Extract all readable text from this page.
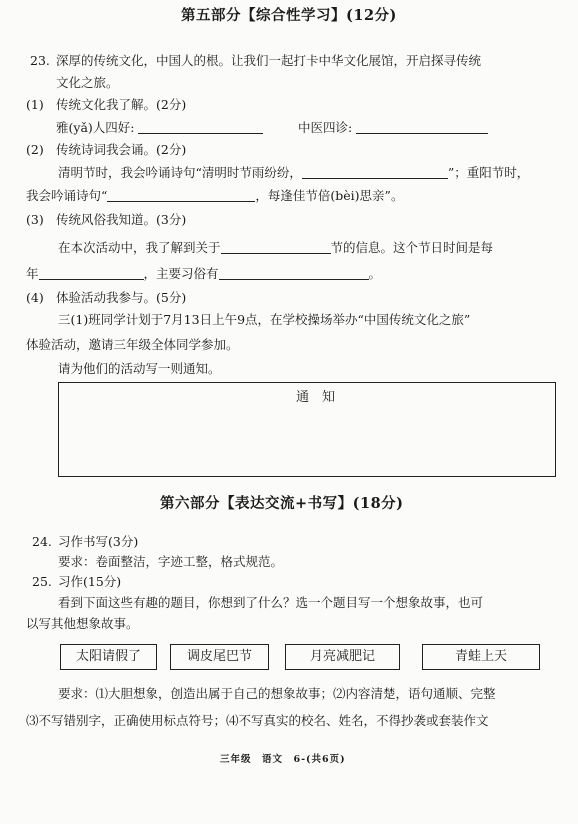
第五部分【综合性学习】(12分)
23. 深厚的传统文化，中国人的根。让我们一起打卡中华文化展馆，开启探寻传统
文化之旅。
(1) 传统文化我了解。(2分)
雅(yǎ)人四好:	中医四诊:
(2) 传统诗词我会诵。(2分)
清明节时，我会吟诵诗句“清明时节雨纷纷，	”；重阳节时，
我会吟诵诗句“	，每逢佳节倍(bèi)思亲”。
(3) 传统风俗我知道。(3分)
在本次活动中，我了解到关于	节的信息。这个节日时间是每
年	，主要习俗有	。
(4) 体验活动我参与。(5分)
三(1)班同学计划于7月13日上午9点，在学校操场举办“中国传统文化之旅”
体验活动，邀请三年级全体同学参加。
请为他们的活动写一则通知。
通　知
第六部分【表达交流+书写】(18分)
24. 习作书写(3分)
要求：卷面整洁，字迹工整，格式规范。
25. 习作(15分)
看到下面这些有趣的题目，你想到了什么？选一个题目写一个想象故事，也可
以写其他想象故事。
太阳请假了	调皮尾巴节	月亮减肥记	青蛙上天
要求：⑴大胆想象，创造出属于自己的想象故事；⑵内容清楚，语句通顺、完整
⑶不写错别字，正确使用标点符号；⑷不写真实的校名、姓名，不得抄袭或套装作文
三年级　语文　6-(共6页)
